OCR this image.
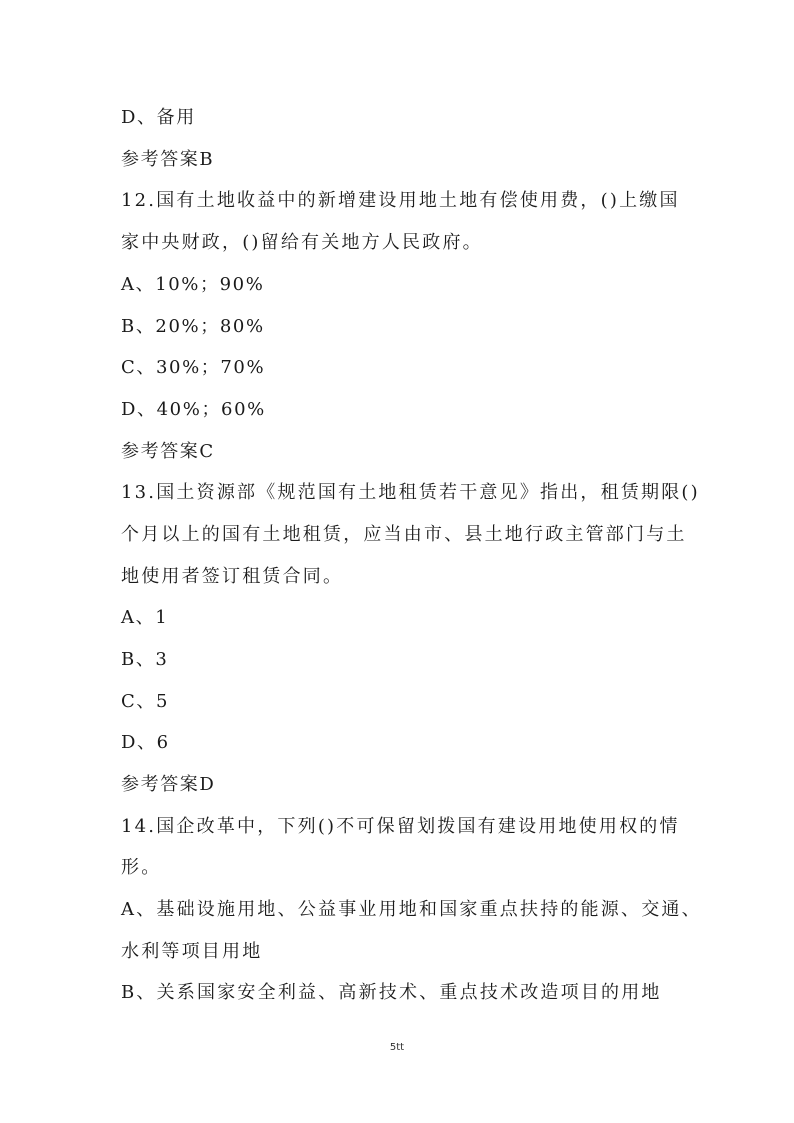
D、备用
参考答案B
12.国有土地收益中的新增建设用地土地有偿使用费，()上缴国
家中央财政，()留给有关地方人民政府。
A、10%；90%
B、20%；80%
C、30%；70%
D、40%；60%
参考答案C
13.国土资源部《规范国有土地租赁若干意见》指出，租赁期限()
个月以上的国有土地租赁，应当由市、县土地行政主管部门与土
地使用者签订租赁合同。
A、1
B、3
C、5
D、6
参考答案D
14.国企改革中，下列()不可保留划拨国有建设用地使用权的情
形。
A、基础设施用地、公益事业用地和国家重点扶持的能源、交通、
水利等项目用地
B、关系国家安全利益、高新技术、重点技术改造项目的用地
5tt
